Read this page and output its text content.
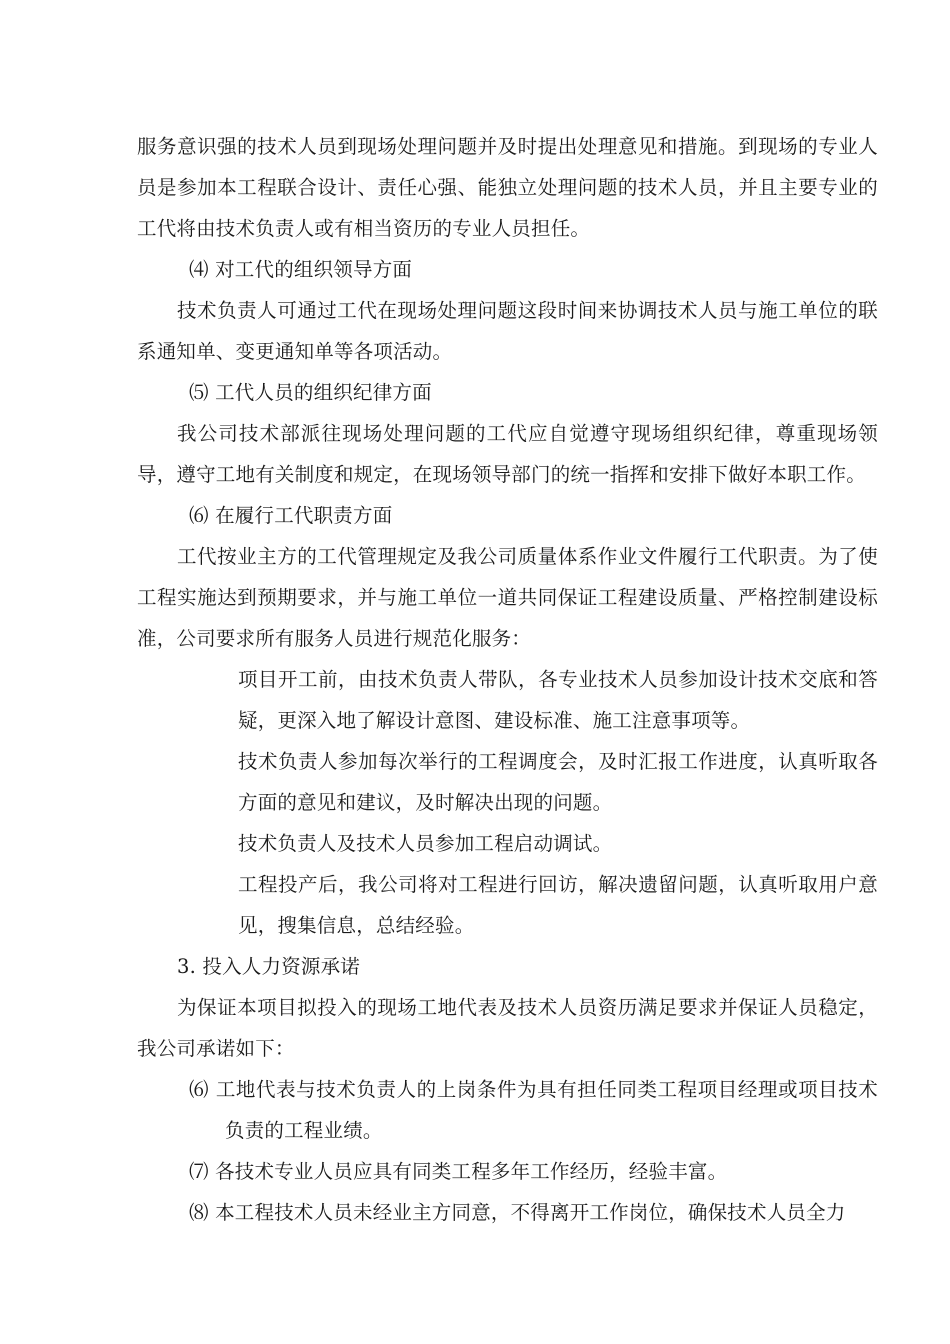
服务意识强的技术人员到现场处理问题并及时提出处理意见和措施。到现场的专业人员是参加本工程联合设计、责任心强、能独立处理问题的技术人员，并且主要专业的工代将由技术负责人或有相当资历的专业人员担任。

⑷ 对工代的组织领导方面

技术负责人可通过工代在现场处理问题这段时间来协调技术人员与施工单位的联系通知单、变更通知单等各项活动。

⑸ 工代人员的组织纪律方面

我公司技术部派往现场处理问题的工代应自觉遵守现场组织纪律，尊重现场领导，遵守工地有关制度和规定，在现场领导部门的统一指挥和安排下做好本职工作。

⑹ 在履行工代职责方面

工代按业主方的工代管理规定及我公司质量体系作业文件履行工代职责。为了使工程实施达到预期要求，并与施工单位一道共同保证工程建设质量、严格控制建设标准，公司要求所有服务人员进行规范化服务：

项目开工前，由技术负责人带队，各专业技术人员参加设计技术交底和答疑，更深入地了解设计意图、建设标准、施工注意事项等。

技术负责人参加每次举行的工程调度会，及时汇报工作进度，认真听取各方面的意见和建议，及时解决出现的问题。

技术负责人及技术人员参加工程启动调试。

工程投产后，我公司将对工程进行回访，解决遗留问题，认真听取用户意见，搜集信息，总结经验。

3. 投入人力资源承诺

为保证本项目拟投入的现场工地代表及技术人员资历满足要求并保证人员稳定，我公司承诺如下：

⑹ 工地代表与技术负责人的上岗条件为具有担任同类工程项目经理或项目技术负责的工程业绩。

⑺ 各技术专业人员应具有同类工程多年工作经历，经验丰富。

⑻ 本工程技术人员未经业主方同意，不得离开工作岗位，确保技术人员全力
